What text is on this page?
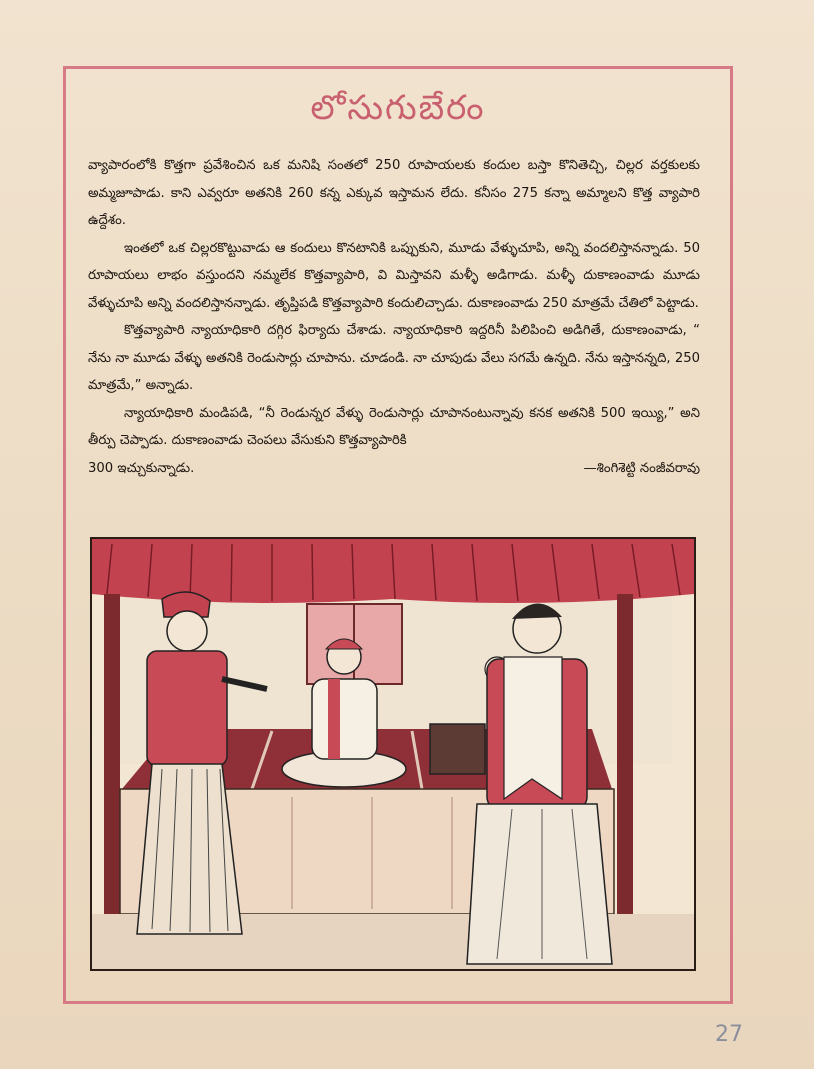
లోసుగుబేరం

వ్యాపారంలోకి కొత్తగా ప్రవేశించిన ఒక మనిషి సంతలో 250 రూపాయలకు కందుల బస్తా కొనితెచ్చి, చిల్లర వర్తకులకు అమ్మజూపాడు. కాని ఎవ్వరూ అతనికి 260 కన్న ఎక్కువ ఇస్తామన లేదు. కనీసం 275 కన్నా అమ్మాలని కొత్త వ్యాపారి ఉద్దేశం.

ఇంతలో ఒక చిల్లరకొట్టువాడు ఆ కందులు కొనటానికి ఒప్పుకుని, మూడు వేళ్ళుచూపి, అన్ని వందలిస్తానన్నాడు. 50 రూపాయలు లాభం వస్తుందని నమ్మలేక కొత్తవ్యాపారి, వి మిస్తావని మళ్ళీ అడిగాడు. మళ్ళీ దుకాణంవాడు మూడు వేళ్ళుచూపి అన్ని వందలిస్తానన్నాడు. తృప్తిపడి కొత్తవ్యాపారి కందులిచ్చాడు. దుకాణంవాడు 250 మాత్రమే చేతిలో పెట్టాడు.

కొత్తవ్యాపారి న్యాయాధికారి దగ్గిర ఫిర్యాదు చేశాడు. న్యాయాధికారి ఇద్దరినీ పిలిపించి అడిగితే, దుకాణంవాడు, “ నేను నా మూడు వేళ్ళు అతనికి రెండుసార్లు చూపాను. చూడండి. నా చూపుడు వేలు సగమే ఉన్నది. నేను ఇస్తానన్నది, 250 మాత్రమే,” అన్నాడు.

న్యాయాధికారి మండిపడి, “నీ రెండున్నర వేళ్ళు రెండుసార్లు చూపానంటున్నావు కనక అతనికి 500 ఇయ్యి,” అని తీర్పు చెప్పాడు. దుకాణంవాడు చెంపలు వేసుకుని కొత్తవ్యాపారికి

300 ఇచ్చుకున్నాడు.	—శింగిశెట్టి నంజీవరావు
27
